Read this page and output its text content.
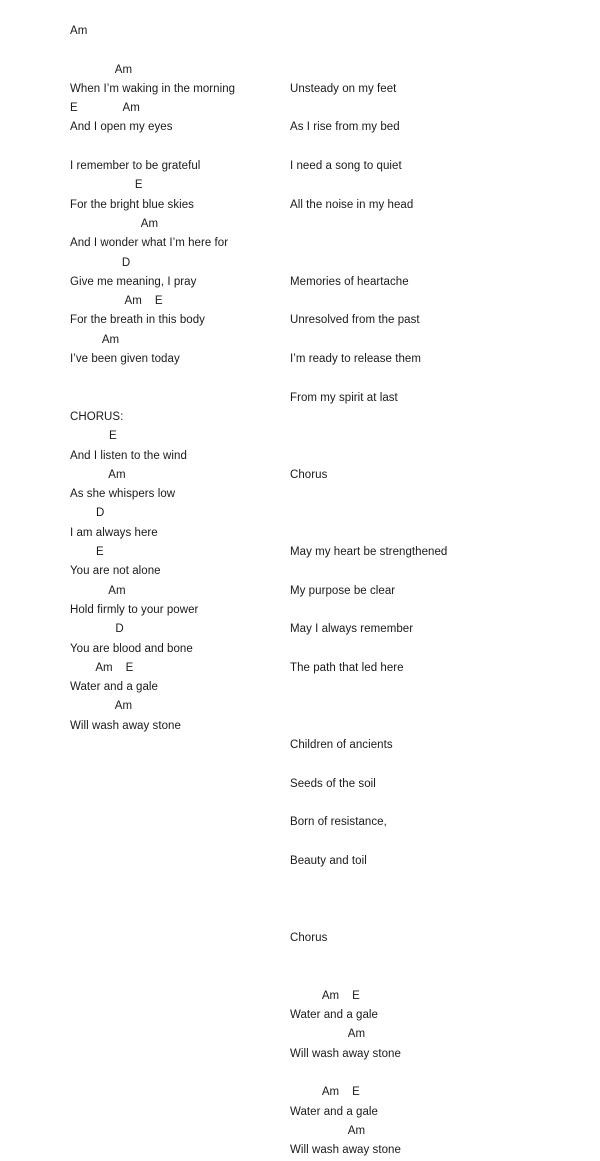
Am
Am
When I’m waking in the morning
E              Am
And I open my eyes
I remember to be grateful
E
For the bright blue skies
Am
And I wonder what I’m here for
D
Give me meaning, I pray
Am    E
For the breath in this body
Am
I’ve been given today
CHORUS:
E
And I listen to the wind
Am
As she whispers low
D
I am always here
E
You are not alone
Am
Hold firmly to your power
D
You are blood and bone
Am    E
Water and a gale
Am
Will wash away stone
Unsteady on my feet
As I rise from my bed
I need a song to quiet
All the noise in my head
Memories of heartache
Unresolved from the past
I’m ready to release them
From my spirit at last
Chorus
May my heart be strengthened
My purpose be clear
May I always remember
The path that led here
Children of ancients
Seeds of the soil
Born of resistance,
Beauty and toil
Chorus
Am    E
Water and a gale
Am
Will wash away stone
Am    E
Water and a gale
Am
Will wash away stone
